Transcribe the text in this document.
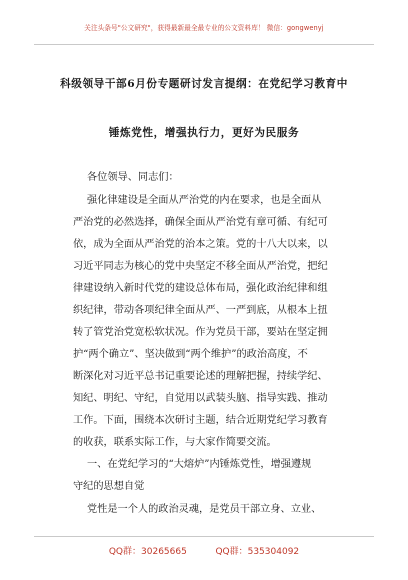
关注头条号"公文研究"，获得最新最全最专业的公文资料库！ 微信：gongwenyj
科级领导干部6月份专题研讨发言提纲：在党纪学习教育中
锤炼党性，增强执行力，更好为民服务
各位领导、同志们：
强化律建设是全面从严治党的内在要求，也是全面从
严治党的必然选择，确保全面从严治党有章可循、有纪可
依，成为全面从严治党的治本之策。党的十八大以来，以
习近平同志为核心的党中央坚定不移全面从严治党，把纪
律建设纳入新时代党的建设总体布局，强化政治纪律和组
织纪律，带动各项纪律全面从严、一严到底，从根本上扭
转了管党治党宽松软状况。作为党员干部，要站在坚定拥
护“两个确立”、坚决做到“两个维护”的政治高度，不
断深化对习近平总书记重要论述的理解把握，持续学纪、
知纪、明纪、守纪，自觉用以武装头脑、指导实践、推动
工作。下面，围绕本次研讨主题，结合近期党纪学习教育
的收获，联系实际工作，与大家作简要交流。
一、在党纪学习的“大熔炉”内锤炼党性，增强遵规
守纪的思想自觉
党性是一个人的政治灵魂，是党员干部立身、立业、
QQ群：30265665	QQ群：535304092
